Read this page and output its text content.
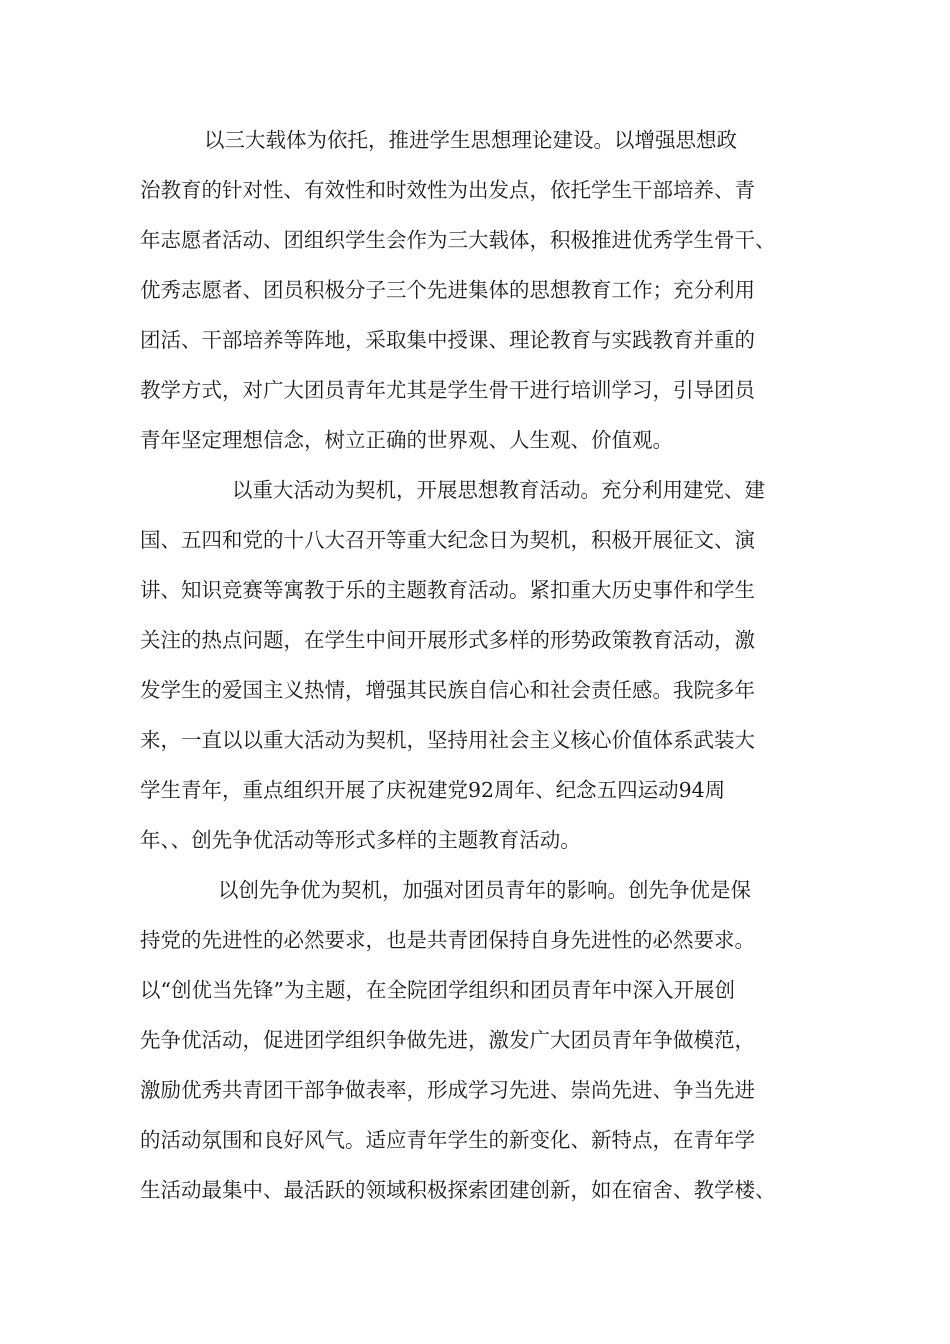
以三大载体为依托，推进学生思想理论建设。以增强思想政
治教育的针对性、有效性和时效性为出发点，依托学生干部培养、青
年志愿者活动、团组织学生会作为三大载体，积极推进优秀学生骨干、
优秀志愿者、团员积极分子三个先进集体的思想教育工作；充分利用
团活、干部培养等阵地，采取集中授课、理论教育与实践教育并重的
教学方式，对广大团员青年尤其是学生骨干进行培训学习，引导团员
青年坚定理想信念，树立正确的世界观、人生观、价值观。
以重大活动为契机，开展思想教育活动。充分利用建党、建
国、五四和党的十八大召开等重大纪念日为契机，积极开展征文、演
讲、知识竞赛等寓教于乐的主题教育活动。紧扣重大历史事件和学生
关注的热点问题，在学生中间开展形式多样的形势政策教育活动，激
发学生的爱国主义热情，增强其民族自信心和社会责任感。我院多年
来，一直以以重大活动为契机，坚持用社会主义核心价值体系武装大
学生青年，重点组织开展了庆祝建党92周年、纪念五四运动94周
年、、创先争优活动等形式多样的主题教育活动。
以创先争优为契机，加强对团员青年的影响。创先争优是保
持党的先进性的必然要求，也是共青团保持自身先进性的必然要求。
以“创优当先锋”为主题，在全院团学组织和团员青年中深入开展创
先争优活动，促进团学组织争做先进，激发广大团员青年争做模范，
激励优秀共青团干部争做表率，形成学习先进、崇尚先进、争当先进
的活动氛围和良好风气。适应青年学生的新变化、新特点，在青年学
生活动最集中、最活跃的领域积极探索团建创新，如在宿舍、教学楼、
